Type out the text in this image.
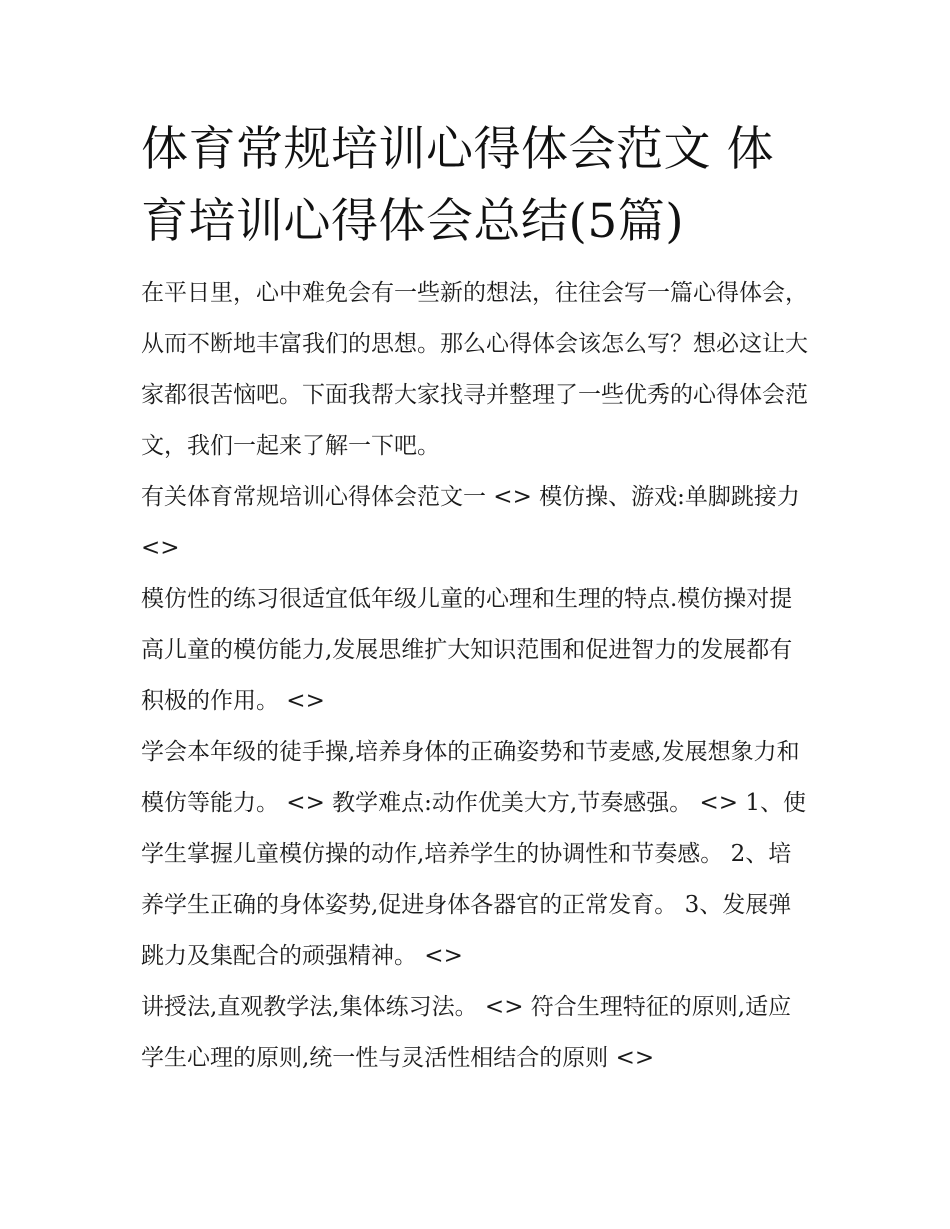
体育常规培训心得体会范文 体育培训心得体会总结(5篇)

在平日里，心中难免会有一些新的想法，往往会写一篇心得体会，从而不断地丰富我们的思想。那么心得体会该怎么写？想必这让大家都很苦恼吧。下面我帮大家找寻并整理了一些优秀的心得体会范文，我们一起来了解一下吧。

有关体育常规培训心得体会范文一 <> 模仿操、游戏:单脚跳接力 <>

模仿性的练习很适宜低年级儿童的心理和生理的特点.模仿操对提高儿童的模仿能力,发展思维扩大知识范围和促进智力的发展都有积极的作用。 <>

学会本年级的徒手操,培养身体的正确姿势和节麦感,发展想象力和模仿等能力。 <> 教学难点:动作优美大方,节奏感强。 <> 1、使学生掌握儿童模仿操的动作,培养学生的协调性和节奏感。 2、培养学生正确的身体姿势,促进身体各器官的正常发育。 3、发展弹跳力及集配合的顽强精神。 <>

讲授法,直观教学法,集体练习法。 <> 符合生理特征的原则,适应学生心理的原则,统一性与灵活性相结合的原则 <>
